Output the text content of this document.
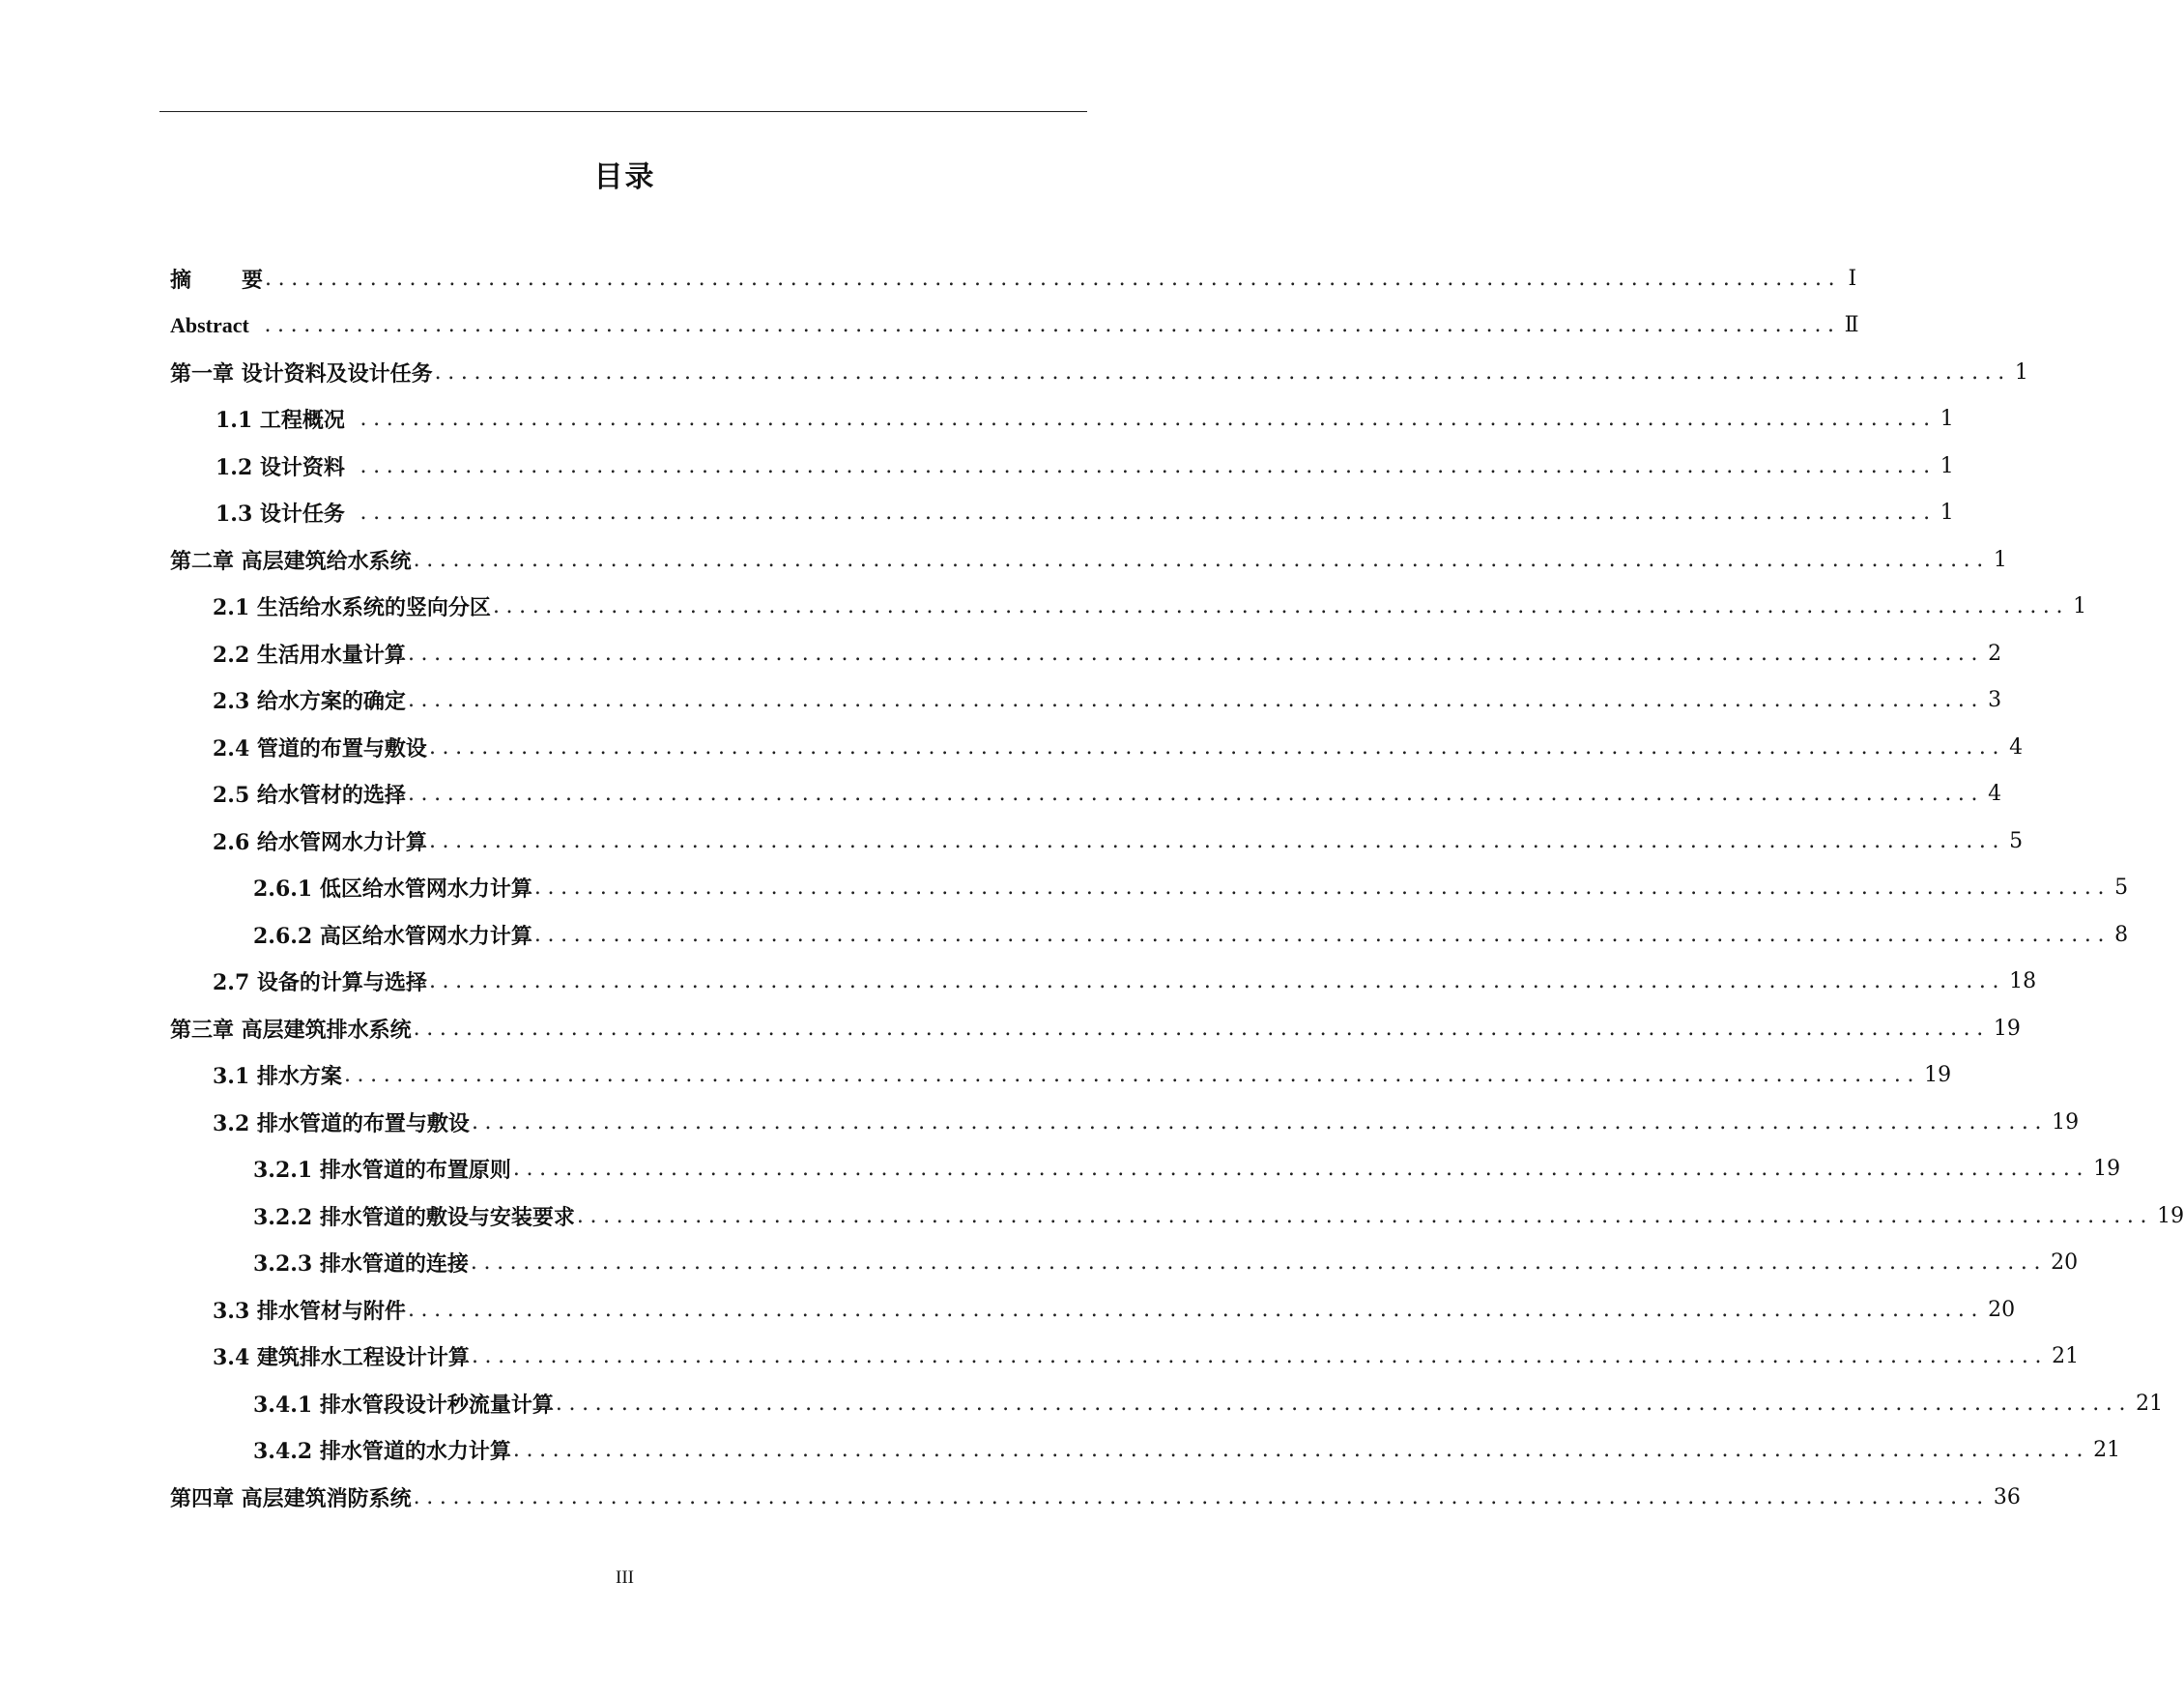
目录
摘 要 ........................................................................................................................ Ⅰ
Abstract ........................................................................................................................ Ⅱ
第一章 设计资料及设计任务 ........................................................................................................................ 1
1.1 工程概况 ........................................................................................................................ 1
1.2 设计资料 ........................................................................................................................ 1
1.3 设计任务 ........................................................................................................................ 1
第二章 高层建筑给水系统 ........................................................................................................................ 1
2.1 生活给水系统的竖向分区 ........................................................................................................................ 1
2.2 生活用水量计算 ........................................................................................................................ 2
2.3 给水方案的确定 ........................................................................................................................ 3
2.4 管道的布置与敷设 ........................................................................................................................ 4
2.5 给水管材的选择 ........................................................................................................................ 4
2.6 给水管网水力计算 ........................................................................................................................ 5
2.6.1 低区给水管网水力计算 ........................................................................................................................ 5
2.6.2 高区给水管网水力计算 ........................................................................................................................ 8
2.7 设备的计算与选择 ........................................................................................................................ 18
第三章 高层建筑排水系统 ........................................................................................................................ 19
3.1 排水方案 ........................................................................................................................ 19
3.2 排水管道的布置与敷设 ........................................................................................................................ 19
3.2.1 排水管道的布置原则 ........................................................................................................................ 19
3.2.2 排水管道的敷设与安装要求 ........................................................................................................................ 19
3.2.3 排水管道的连接 ........................................................................................................................ 20
3.3 排水管材与附件 ........................................................................................................................ 20
3.4 建筑排水工程设计计算 ........................................................................................................................ 21
3.4.1 排水管段设计秒流量计算 ........................................................................................................................ 21
3.4.2 排水管道的水力计算 ........................................................................................................................ 21
第四章 高层建筑消防系统 ........................................................................................................................ 36
III
